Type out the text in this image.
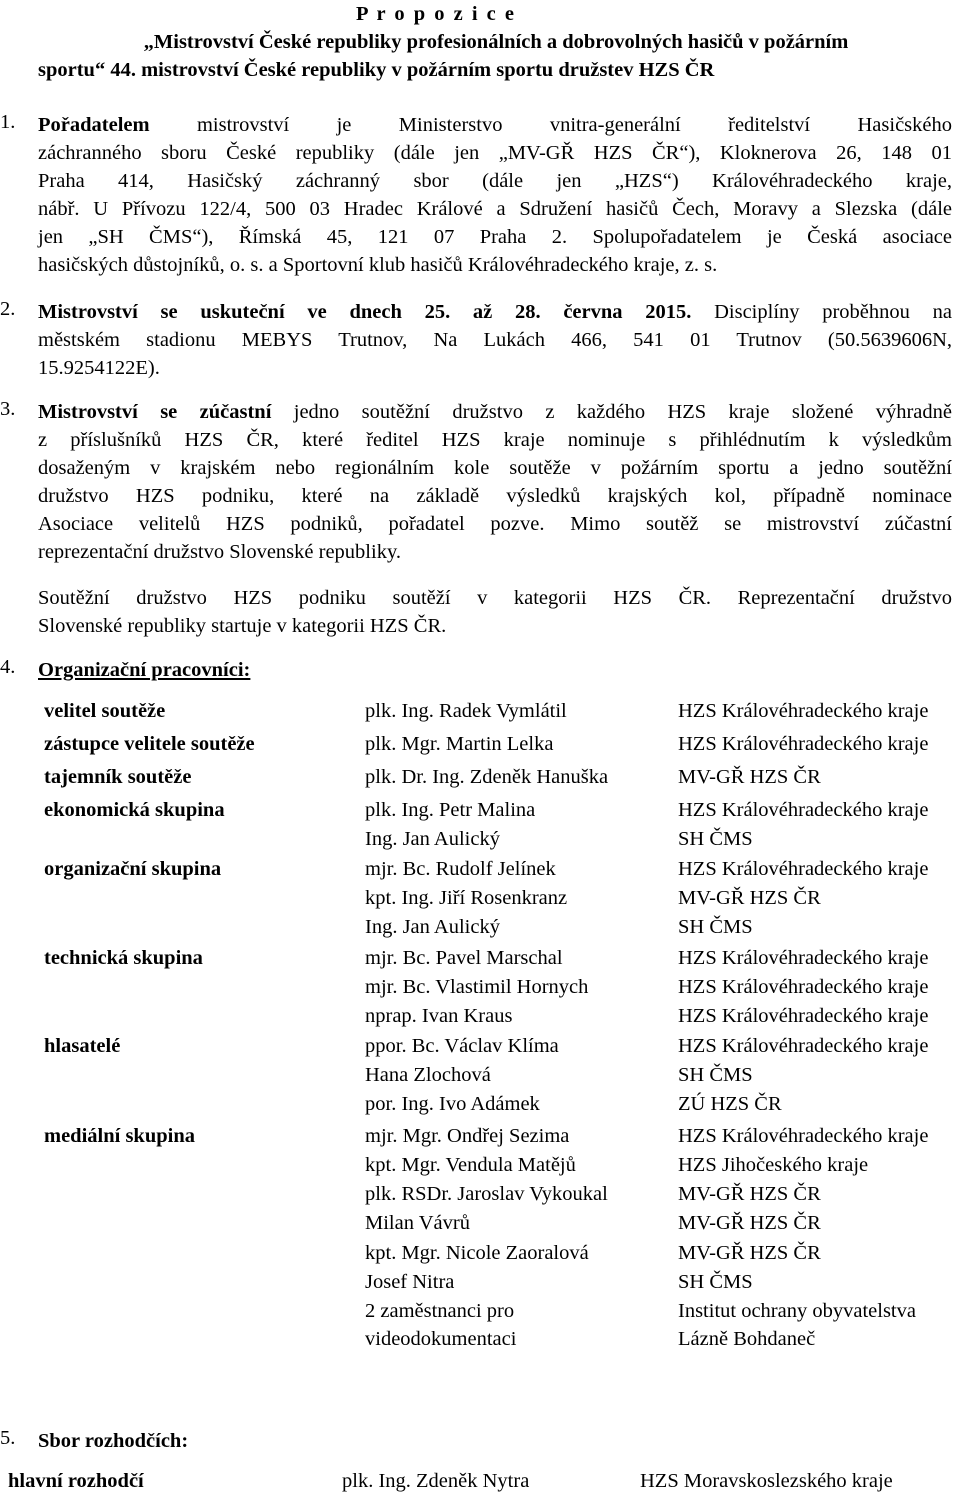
P r o p o z i c e
„Mistrovství České republiky profesionálních a dobrovolných hasičů v požárním
sportu“ 44. mistrovství České republiky v požárním sportu družstev HZS ČR
1.	Pořadatelem mistrovství je Ministerstvo vnitra-generální ředitelství Hasičského
záchranného sboru České republiky (dále jen „MV-GŘ HZS ČR“), Kloknerova 26, 148 01
Praha 414, Hasičský záchranný sbor (dále jen „HZS“) Královéhradeckého kraje,
nábř. U Přívozu 122/4, 500 03 Hradec Králové a Sdružení hasičů Čech, Moravy a Slezska (dále
jen „SH ČMS“), Římská 45, 121 07 Praha 2. Spolupořadatelem je Česká asociace
hasičských důstojníků, o. s. a Sportovní klub hasičů Královéhradeckého kraje, z. s.
2.	Mistrovství se uskuteční ve dnech 25. až 28. června 2015. Disciplíny proběhnou na
městském stadionu MEBYS Trutnov, Na Lukách 466, 541 01 Trutnov (50.5639606N,
15.9254122E).
3.	Mistrovství se zúčastní jedno soutěžní družstvo z každého HZS kraje složené výhradně
z příslušníků HZS ČR, které ředitel HZS kraje nominuje s přihlédnutím k výsledkům
dosaženým v krajském nebo regionálním kole soutěže v požárním sportu a jedno soutěžní
družstvo HZS podniku, které na základě výsledků krajských kol, případně nominace
Asociace velitelů HZS podniků, pořadatel pozve. Mimo soutěž se mistrovství zúčastní
reprezentační družstvo Slovenské republiky.
Soutěžní družstvo HZS podniku soutěží v kategorii HZS ČR. Reprezentační družstvo
Slovenské republiky startuje v kategorii HZS ČR.
4.	Organizační pracovníci:
velitel soutěže	plk. Ing. Radek Vymlátil	HZS Královéhradeckého kraje
zástupce velitele soutěže	plk. Mgr. Martin Lelka	HZS Královéhradeckého kraje
tajemník soutěže	plk. Dr. Ing. Zdeněk Hanuška	MV-GŘ HZS ČR
ekonomická skupina	plk. Ing. Petr Malina	HZS Královéhradeckého kraje
Ing. Jan Aulický	SH ČMS
organizační skupina	mjr. Bc. Rudolf Jelínek	HZS Královéhradeckého kraje
kpt. Ing. Jiří Rosenkranz	MV-GŘ HZS ČR
Ing. Jan Aulický	SH ČMS
technická skupina	mjr. Bc. Pavel Marschal	HZS Královéhradeckého kraje
mjr. Bc. Vlastimil Hornych	HZS Královéhradeckého kraje
nprap. Ivan Kraus	HZS Královéhradeckého kraje
hlasatelé	ppor. Bc. Václav Klíma	HZS Královéhradeckého kraje
Hana Zlochová	SH ČMS
por. Ing. Ivo Adámek	ZÚ HZS ČR
mediální skupina	mjr. Mgr. Ondřej Sezima	HZS Královéhradeckého kraje
kpt. Mgr. Vendula Matějů	HZS Jihočeského kraje
plk. RSDr. Jaroslav Vykoukal	MV-GŘ HZS ČR
Milan Vávrů	MV-GŘ HZS ČR
kpt. Mgr. Nicole Zaoralová	MV-GŘ HZS ČR
Josef Nitra	SH ČMS
2 zaměstnanci pro	Institut ochrany obyvatelstva
videodokumentaci	Lázně Bohdaneč
5.	Sbor rozhodčích:
hlavní rozhodčí	plk. Ing. Zdeněk Nytra	HZS Moravskoslezského kraje
